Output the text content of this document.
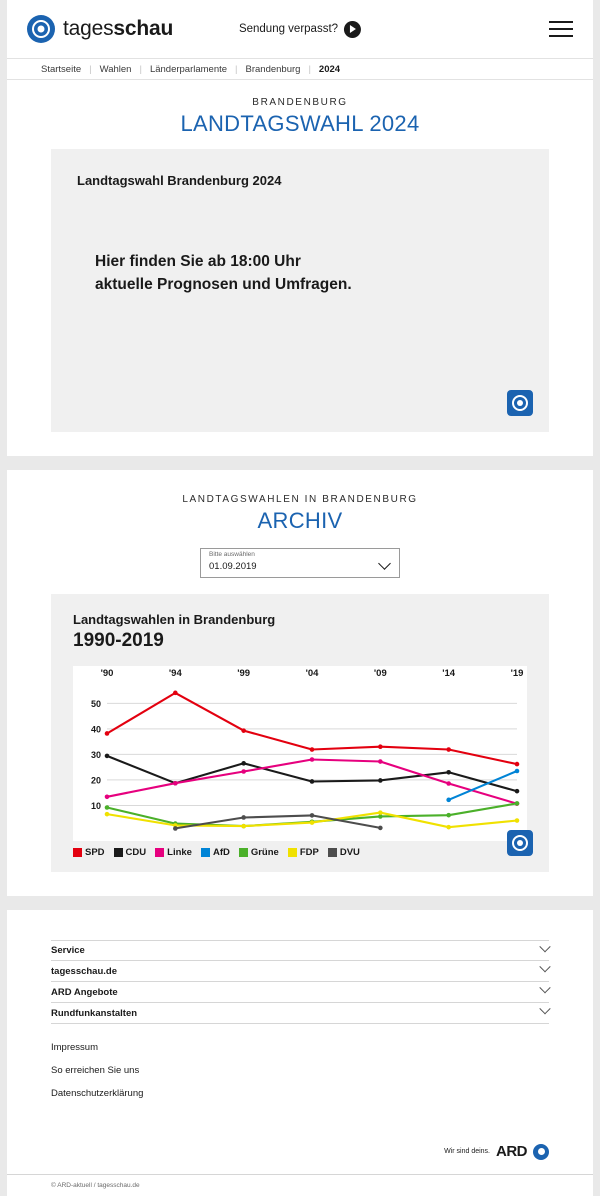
tagesschau	Sendung verpasst?
Startseite | Wahlen | Länderparlamente | Brandenburg | 2024
BRANDENBURG
LANDTAGSWAHL 2024
Landtagswahl Brandenburg 2024
Hier finden Sie ab 18:00 Uhr
aktuelle Prognosen und Umfragen.
LANDTAGSWAHLEN IN BRANDENBURG
ARCHIV
Bitte auswählen
01.09.2019
Landtagswahlen in Brandenburg
1990-2019
10
20
30
40
50
'90	'94	'99	'04	'09	'14	'19
SPD CDU Linke AfD Grüne FDP DVU
Service
tagesschau.de
ARD Angebote
Rundfunkanstalten
Impressum
So erreichen Sie uns
Datenschutzerklärung
Wir sind deins. ARD
© ARD-aktuell / tagesschau.de
